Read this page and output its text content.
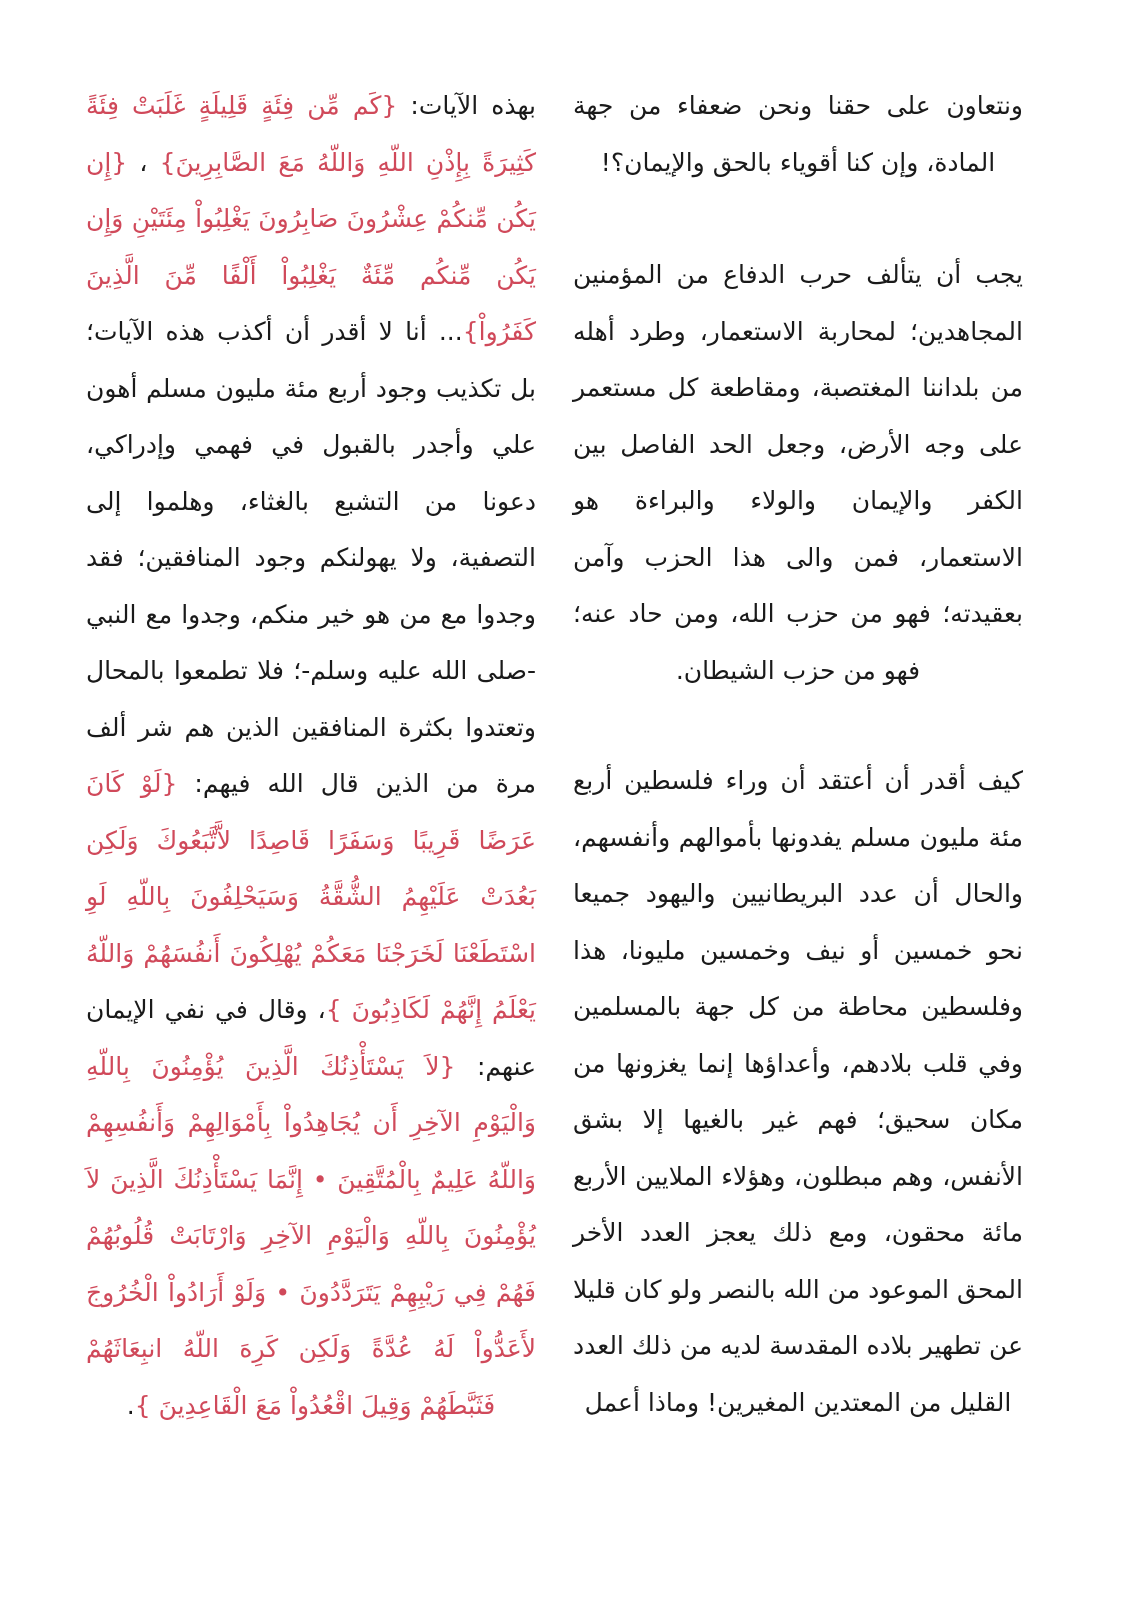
ونتعاون على حقنا ونحن ضعفاء من جهة المادة، وإن كنا أقوياء بالحق والإيمان؟!

يجب أن يتألف حرب الدفاع من المؤمنين المجاهدين؛ لمحاربة الاستعمار، وطرد أهله من بلداننا المغتصبة، ومقاطعة كل مستعمر على وجه الأرض، وجعل الحد الفاصل بين الكفر والإيمان والولاء والبراءة هو الاستعمار، فمن والى هذا الحزب وآمن بعقيدته؛ فهو من حزب الله، ومن حاد عنه؛ فهو من حزب الشيطان.

كيف أقدر أن أعتقد أن وراء فلسطين أربع مئة مليون مسلم يفدونها بأموالهم وأنفسهم، والحال أن عدد البريطانيين واليهود جميعا نحو خمسين أو نيف وخمسين مليونا، هذا وفلسطين محاطة من كل جهة بالمسلمين وفي قلب بلادهم، وأعداؤها إنما يغزونها من مكان سحيق؛ فهم غير بالغيها إلا بشق الأنفس، وهم مبطلون، وهؤلاء الملايين الأربع مائة محقون، ومع ذلك يعجز العدد الأخر المحق الموعود من الله بالنصر ولو كان قليلا عن تطهير بلاده المقدسة لديه من ذلك العدد القليل من المعتدين المغيرين! وماذا أعمل

بهذه الآيات: {كَم مِّن فِئَةٍ قَلِيلَةٍ غَلَبَتْ فِئَةً كَثِيرَةً بِإِذْنِ اللّهِ وَاللّهُ مَعَ الصَّابِرِينَ} ، {إِن يَكُن مِّنكُمْ عِشْرُونَ صَابِرُونَ يَغْلِبُواْ مِئَتَيْنِ وَإِن يَكُن مِّنكُم مِّئَةٌ يَغْلِبُواْ أَلْفًا مِّنَ الَّذِينَ كَفَرُواْ}... أنا لا أقدر أن أكذب هذه الآيات؛ بل تكذيب وجود أربع مئة مليون مسلم أهون علي وأجدر بالقبول في فهمي وإدراكي، دعونا من التشبع بالغثاء، وهلموا إلى التصفية، ولا يهولنكم وجود المنافقين؛ فقد وجدوا مع من هو خير منكم، وجدوا مع النبي -صلى الله عليه وسلم-؛ فلا تطمعوا بالمحال وتعتدوا بكثرة المنافقين الذين هم شر ألف مرة من الذين قال الله فيهم: {لَوْ كَانَ عَرَضًا قَرِيبًا وَسَفَرًا قَاصِدًا لاَّتَّبَعُوكَ وَلَكِن بَعُدَتْ عَلَيْهِمُ الشُّقَّةُ وَسَيَحْلِفُونَ بِاللّهِ لَوِ اسْتَطَعْنَا لَخَرَجْنَا مَعَكُمْ يُهْلِكُونَ أَنفُسَهُمْ وَاللّهُ يَعْلَمُ إِنَّهُمْ لَكَاذِبُونَ }، وقال في نفي الإيمان عنهم: {لاَ يَسْتَأْذِنُكَ الَّذِينَ يُؤْمِنُونَ بِاللّهِ وَالْيَوْمِ الآخِرِ أَن يُجَاهِدُواْ بِأَمْوَالِهِمْ وَأَنفُسِهِمْ وَاللّهُ عَلِيمٌ بِالْمُتَّقِينَ • إِنَّمَا يَسْتَأْذِنُكَ الَّذِينَ لاَ يُؤْمِنُونَ بِاللّهِ وَالْيَوْمِ الآخِرِ وَارْتَابَتْ قُلُوبُهُمْ فَهُمْ فِي رَيْبِهِمْ يَتَرَدَّدُونَ • وَلَوْ أَرَادُواْ الْخُرُوجَ لأَعَدُّواْ لَهُ عُدَّةً وَلَكِن كَرِهَ اللّهُ انبِعَاثَهُمْ فَثَبَّطَهُمْ وَقِيلَ اقْعُدُواْ مَعَ الْقَاعِدِينَ }.
